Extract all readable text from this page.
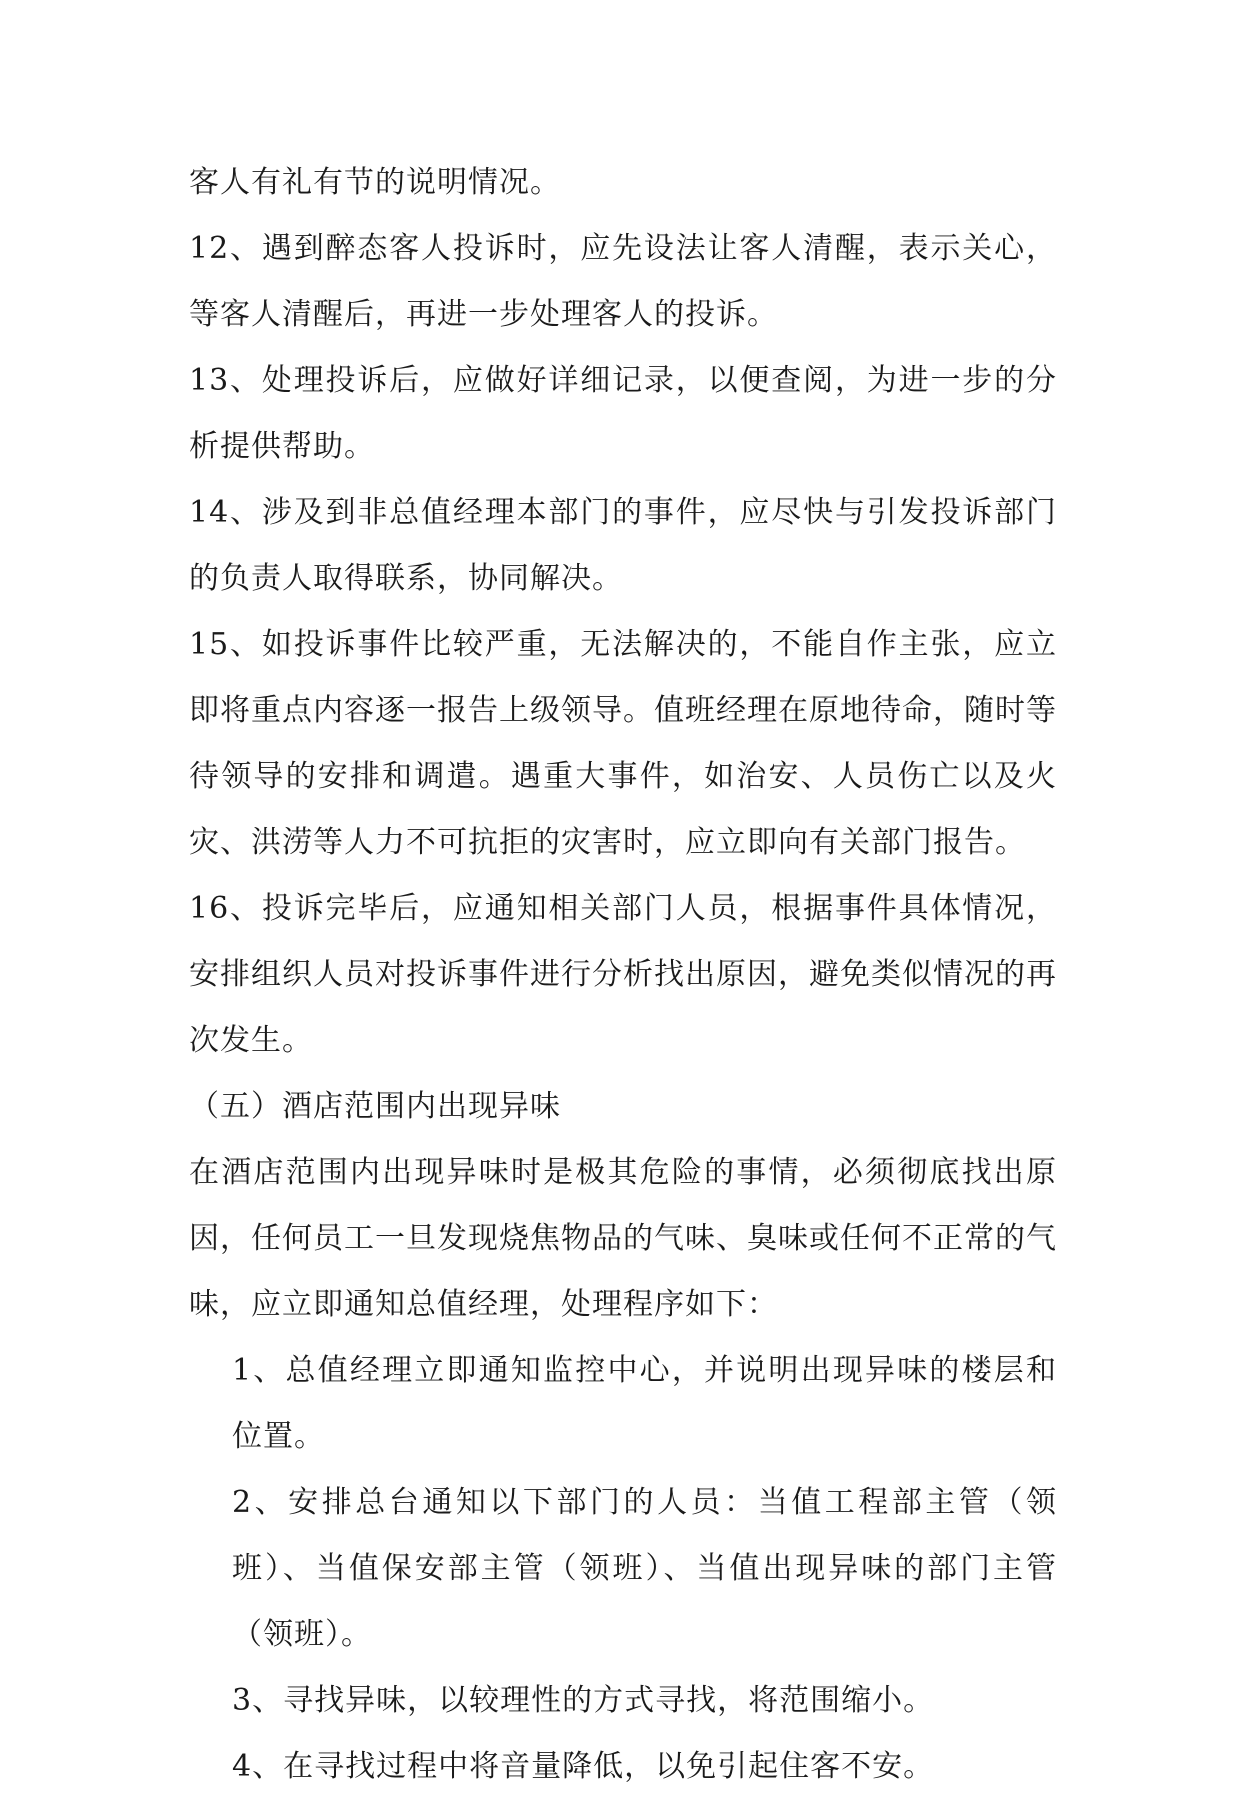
客人有礼有节的说明情况。

12、遇到醉态客人投诉时，应先设法让客人清醒，表示关心，等客人清醒后，再进一步处理客人的投诉。

13、处理投诉后，应做好详细记录，以便查阅，为进一步的分析提供帮助。

14、涉及到非总值经理本部门的事件，应尽快与引发投诉部门的负责人取得联系，协同解决。

15、如投诉事件比较严重，无法解决的，不能自作主张，应立即将重点内容逐一报告上级领导。值班经理在原地待命，随时等待领导的安排和调遣。遇重大事件，如治安、人员伤亡以及火灾、洪涝等人力不可抗拒的灾害时，应立即向有关部门报告。

16、投诉完毕后，应通知相关部门人员，根据事件具体情况，安排组织人员对投诉事件进行分析找出原因，避免类似情况的再次发生。

（五）酒店范围内出现异味

在酒店范围内出现异味时是极其危险的事情，必须彻底找出原因，任何员工一旦发现烧焦物品的气味、臭味或任何不正常的气味，应立即通知总值经理，处理程序如下：

1、总值经理立即通知监控中心，并说明出现异味的楼层和位置。

2、安排总台通知以下部门的人员：当值工程部主管（领班）、当值保安部主管（领班）、当值出现异味的部门主管（领班）。

3、寻找异味，以较理性的方式寻找，将范围缩小。

4、在寻找过程中将音量降低，以免引起住客不安。
